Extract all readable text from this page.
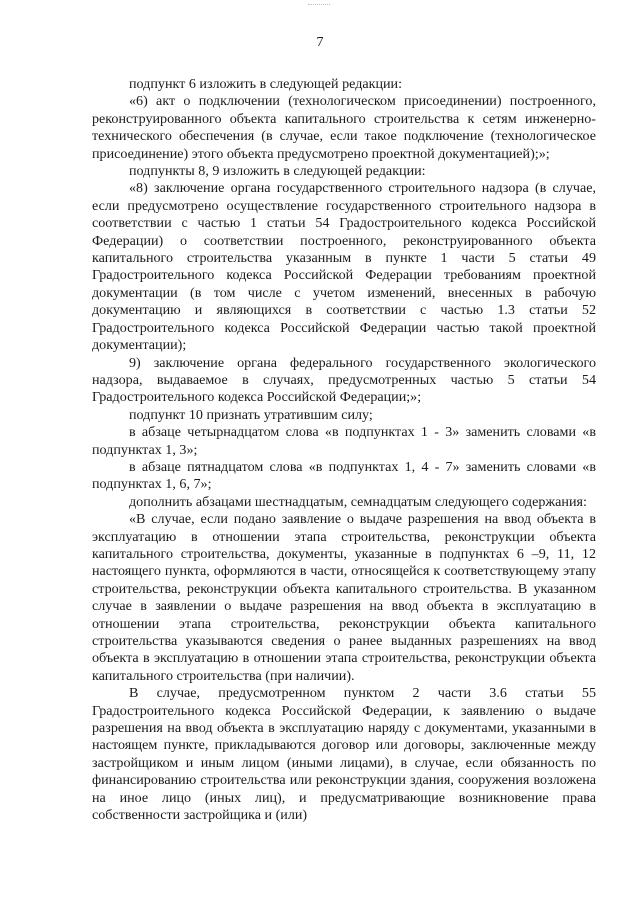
7

подпункт 6 изложить в следующей редакции:

«6) акт о подключении (технологическом присоединении) построенного, реконструированного объекта капитального строительства к сетям инженерно-технического обеспечения (в случае, если такое подключение (технологическое присоединение) этого объекта предусмотрено проектной документацией);»;

подпункты 8, 9 изложить в следующей редакции:

«8) заключение органа государственного строительного надзора (в случае, если предусмотрено осуществление государственного строительного надзора в соответствии с частью 1 статьи 54 Градостроительного кодекса Российской Федерации) о соответствии построенного, реконструированного объекта капитального строительства указанным в пункте 1 части 5 статьи 49 Градостроительного кодекса Российской Федерации требованиям проектной документации (в том числе с учетом изменений, внесенных в рабочую документацию и являющихся в соответствии с частью 1.3 статьи 52 Градостроительного кодекса Российской Федерации частью такой проектной документации);

9) заключение органа федерального государственного экологического надзора, выдаваемое в случаях, предусмотренных частью 5 статьи 54 Градостроительного кодекса Российской Федерации;»;

подпункт 10 признать утратившим силу;

в абзаце четырнадцатом слова «в подпунктах 1 - 3» заменить словами «в подпунктах 1, 3»;

в абзаце пятнадцатом слова «в подпунктах 1, 4 - 7» заменить словами «в подпунктах 1, 6, 7»;

дополнить абзацами шестнадцатым, семнадцатым следующего содержания:

«В случае, если подано заявление о выдаче разрешения на ввод объекта в эксплуатацию в отношении этапа строительства, реконструкции объекта капитального строительства, документы, указанные в подпунктах 6 –9, 11, 12 настоящего пункта, оформляются в части, относящейся к соответствующему этапу строительства, реконструкции объекта капитального строительства. В указанном случае в заявлении о выдаче разрешения на ввод объекта в эксплуатацию в отношении этапа строительства, реконструкции объекта капитального строительства указываются сведения о ранее выданных разрешениях на ввод объекта в эксплуатацию в отношении этапа строительства, реконструкции объекта капитального строительства (при наличии).

В случае, предусмотренном пунктом 2 части 3.6 статьи 55 Градостроительного кодекса Российской Федерации, к заявлению о выдаче разрешения на ввод объекта в эксплуатацию наряду с документами, указанными в настоящем пункте, прикладываются договор или договоры, заключенные между застройщиком и иным лицом (иными лицами), в случае, если обязанность по финансированию строительства или реконструкции здания, сооружения возложена на иное лицо (иных лиц), и предусматривающие возникновение права собственности застройщика и (или)
